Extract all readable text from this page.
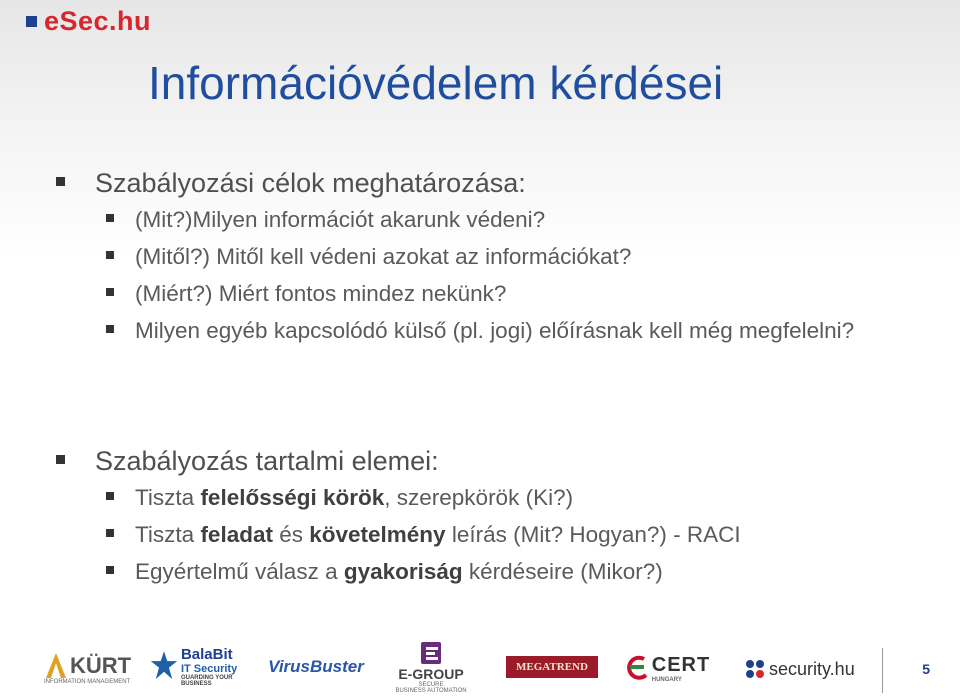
eSec.hu
Információvédelem kérdései
Szabályozási célok meghatározása:
(Mit?)Milyen információt akarunk védeni?
(Mitől?) Mitől kell védeni azokat az információkat?
(Miért?) Miért fontos mindez nekünk?
Milyen egyéb kapcsolódó külső (pl. jogi) előírásnak kell még megfelelni?
Szabályozás tartalmi elemei:
Tiszta felelősségi körök, szerepkörök (Ki?)
Tiszta feladat és követelmény leírás (Mit? Hogyan?) - RACI
Egyértelmű válasz a gyakoriság kérdéseire (Mikor?)
KÜRT
INFORMATION MANAGEMENT
BalaBit
IT Security
GUARDING YOUR BUSINESS
VirusBuster E-GROUP
SECURE
BUSINESS AUTOMATION
MEGATREND	CERT
HUNGARY
security.hu	5
